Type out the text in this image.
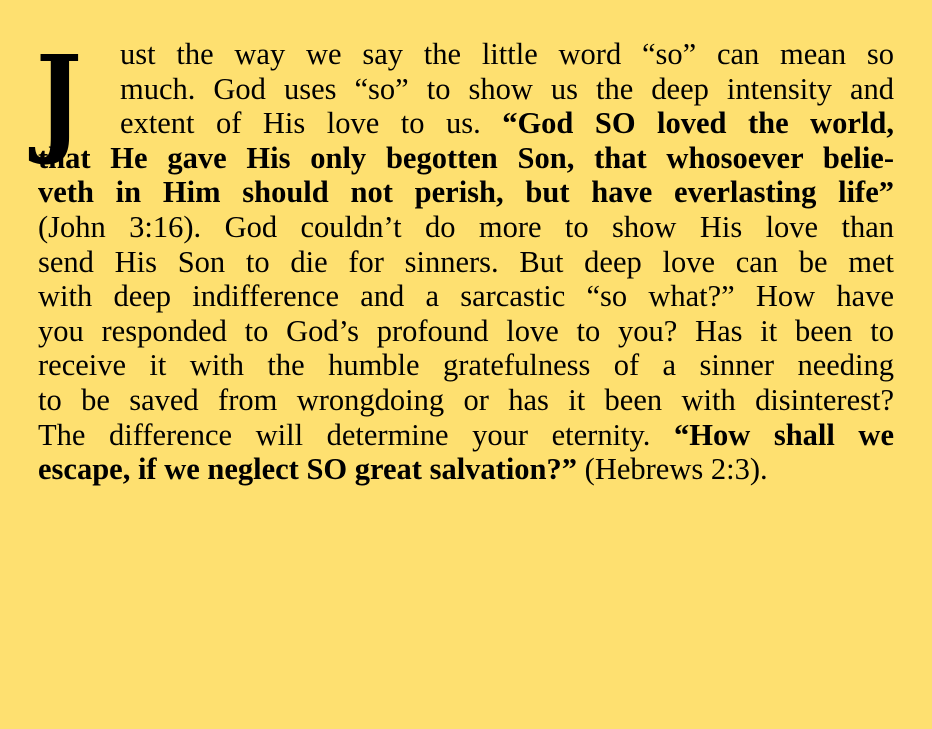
J ust the way we say the little word “so” can mean so
much. God uses “so” to show us the deep intensity and
extent of His love to us. “God SO loved the world,
that He gave His only begotten Son, that whosoever belie-
veth in Him should not perish, but have everlasting life”
(John 3:16). God couldn’t do more to show His love than
send His Son to die for sinners. But deep love can be met
with deep indifference and a sarcastic “so what?” How have
you responded to God’s profound love to you? Has it been to
receive it with the humble gratefulness of a sinner needing
to be saved from wrongdoing or has it been with disinterest?
The difference will determine your eternity. “How shall we
escape, if we neglect SO great salvation?” (Hebrews 2:3).
